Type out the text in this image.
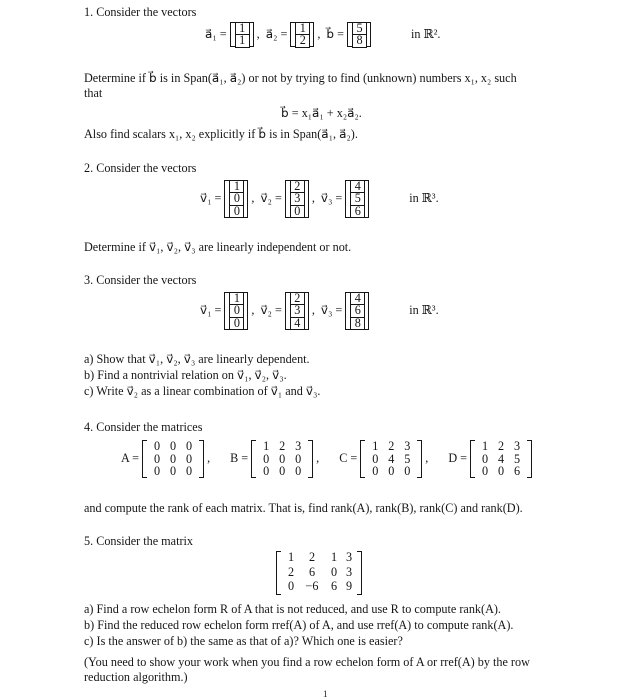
1. Consider the vectors
a⃗₁ =	1
1 , a⃗₂ =	1
2 , b⃗ =	5
8	in ℝ².
Determine if b⃗ is in Span(a⃗₁, a⃗₂) or not by trying to find (unknown) numbers x₁, x₂ such
that
b⃗ = x₁a⃗₁ + x₂a⃗₂.
Also find scalars x₁, x₂ explicitly if b⃗ is in Span(a⃗₁, a⃗₂).
2. Consider the vectors
v⃗₁ =
1
0
0
, v⃗₂ =
2
3
0
, v⃗₃ =
4
5
6
in ℝ³.
Determine if v⃗₁, v⃗₂, v⃗₃ are linearly independent or not.
3. Consider the vectors
v⃗₁ =
1
0
0
, v⃗₂ =
2
3
4
, v⃗₃ =
4
6
8
in ℝ³.
a) Show that v⃗₁, v⃗₂, v⃗₃ are linearly dependent.
b) Find a nontrivial relation on v⃗₁, v⃗₂, v⃗₃.
c) Write v⃗₂ as a linear combination of v⃗₁ and v⃗₃.
4. Consider the matrices
A =
0 0 0
0 0 0
0 0 0
, B =
1 2 3
0 0 0
0 0 0
, C =
1 2 3
0 4 5
0 0 0
, D =
1 2 3
0 4 5
0 0 6
and compute the rank of each matrix. That is, find rank(A), rank(B), rank(C) and rank(D).
5. Consider the matrix
1	2	1 3
2	6	0 3
0 −6	6 9
a) Find a row echelon form R of A that is not reduced, and use R to compute rank(A).
b) Find the reduced row echelon form rref(A) of A, and use rref(A) to compute rank(A).
c) Is the answer of b) the same as that of a)? Which one is easier?
(You need to show your work when you find a row echelon form of A or rref(A) by the row
reduction algorithm.)
1
